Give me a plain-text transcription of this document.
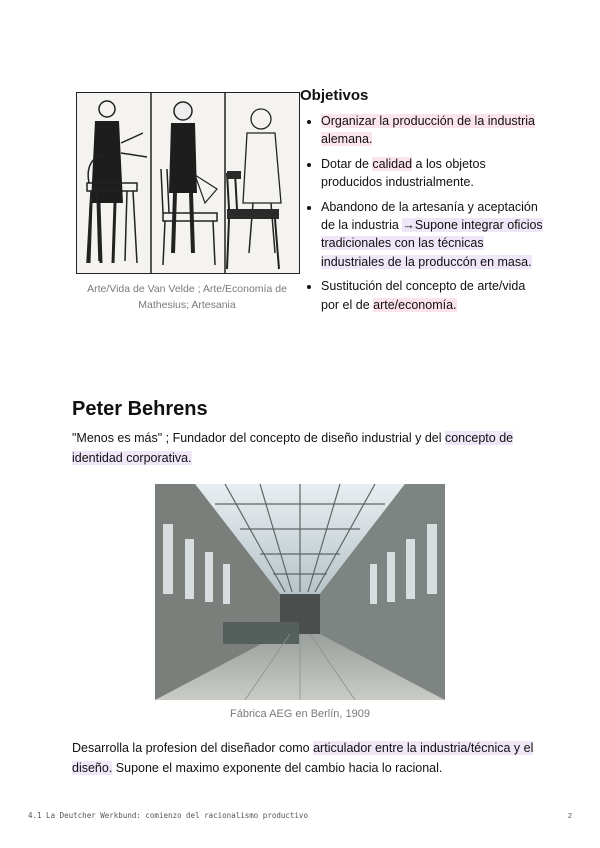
Arte/Vida de Van Velde ; Arte/Economía de Mathesius; Artesania
Objetivos
• Organizar la producción de la industria alemana.
• Dotar de calidad a los objetos producidos industrialmente.
• Abandono de la artesanía y aceptación de la industria →Supone integrar oficios tradicionales con las técnicas industriales de la produccón en masa.
• Sustitución del concepto de arte/vida por el de arte/economía.
Peter Behrens

"Menos es más" ; Fundador del concepto de diseño industrial y del concepto de identidad corporativa.

Fábrica AEG en Berlín, 1909

Desarrolla la profesion del diseñador como articulador entre la industria/técnica y el diseño. Supone el maximo exponente del cambio hacia lo racional.

4.1 La Deutcher Werkbund: comienzo del racionalismo productivo	2
